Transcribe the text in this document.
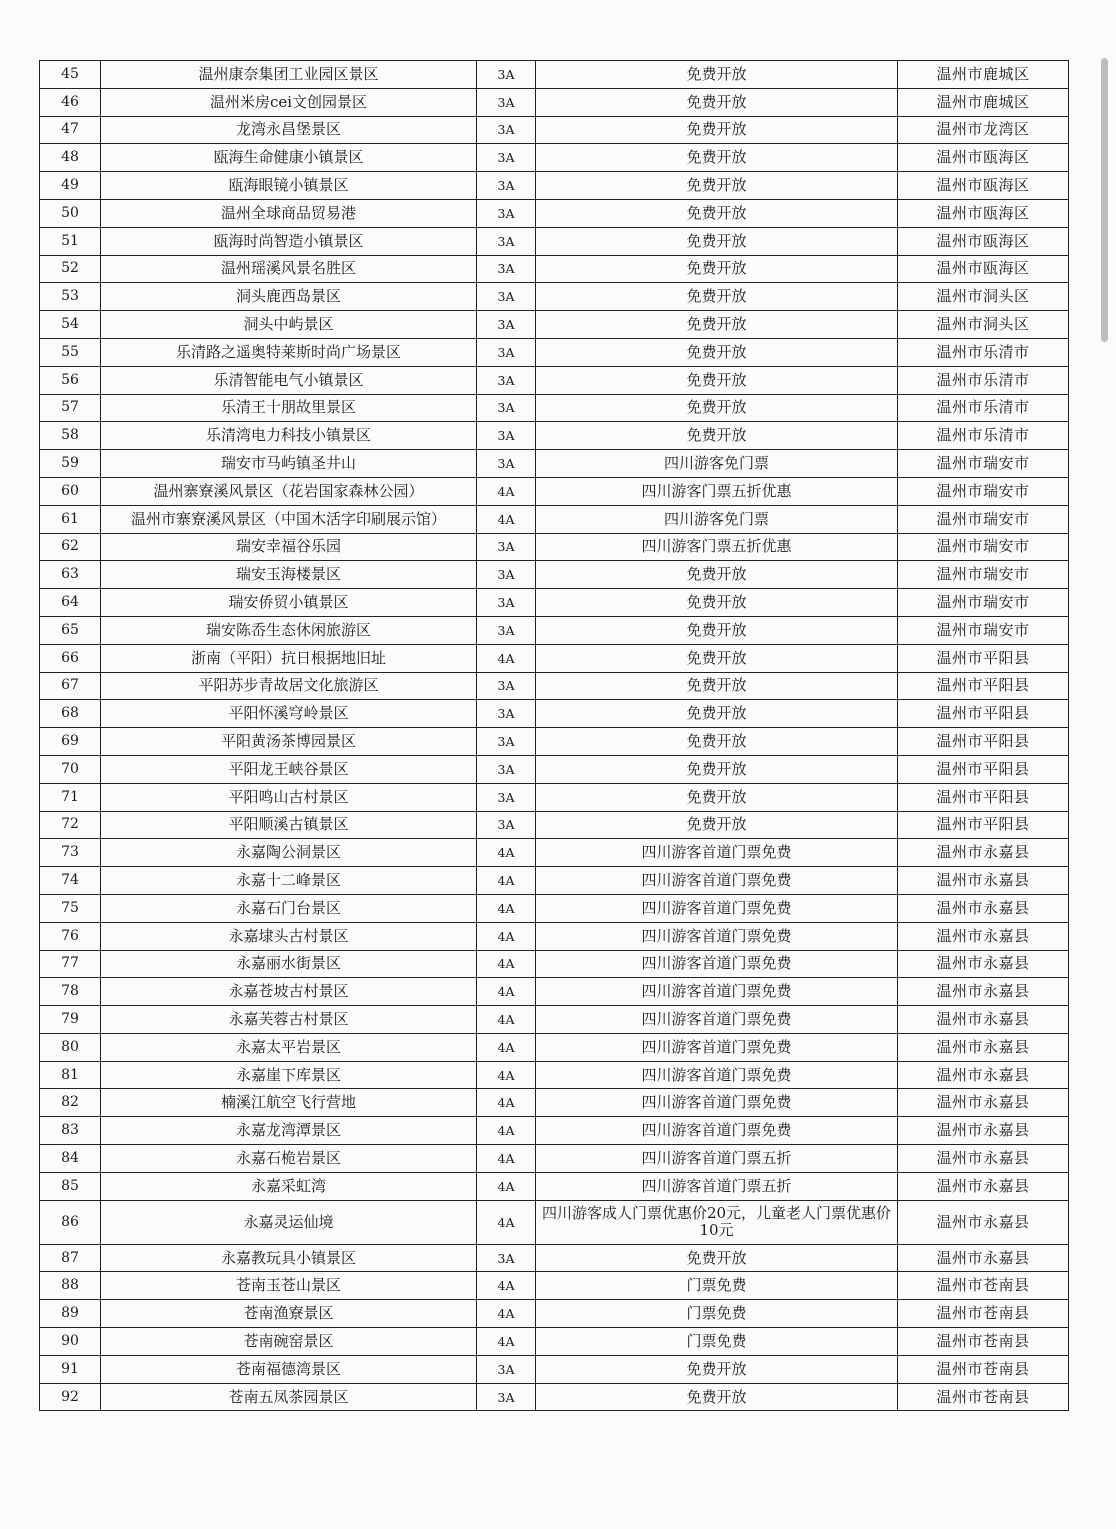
45	温州康奈集团工业园区景区	3A	免费开放	温州市鹿城区
46	温州米房cei文创园景区	3A	免费开放	温州市鹿城区
47	龙湾永昌堡景区	3A	免费开放	温州市龙湾区
48	瓯海生命健康小镇景区	3A	免费开放	温州市瓯海区
49	瓯海眼镜小镇景区	3A	免费开放	温州市瓯海区
50	温州全球商品贸易港	3A	免费开放	温州市瓯海区
51	瓯海时尚智造小镇景区	3A	免费开放	温州市瓯海区
52	温州瑶溪风景名胜区	3A	免费开放	温州市瓯海区
53	洞头鹿西岛景区	3A	免费开放	温州市洞头区
54	洞头中屿景区	3A	免费开放	温州市洞头区
55	乐清路之遥奥特莱斯时尚广场景区	3A	免费开放	温州市乐清市
56	乐清智能电气小镇景区	3A	免费开放	温州市乐清市
57	乐清王十朋故里景区	3A	免费开放	温州市乐清市
58	乐清湾电力科技小镇景区	3A	免费开放	温州市乐清市
59	瑞安市马屿镇圣井山	3A	四川游客免门票	温州市瑞安市
60	温州寨寮溪风景区（花岩国家森林公园）	4A	四川游客门票五折优惠	温州市瑞安市
61	温州市寨寮溪风景区（中国木活字印刷展示馆）	4A	四川游客免门票	温州市瑞安市
62	瑞安幸福谷乐园	3A	四川游客门票五折优惠	温州市瑞安市
63	瑞安玉海楼景区	3A	免费开放	温州市瑞安市
64	瑞安侨贸小镇景区	3A	免费开放	温州市瑞安市
65	瑞安陈岙生态休闲旅游区	3A	免费开放	温州市瑞安市
66	浙南（平阳）抗日根据地旧址	4A	免费开放	温州市平阳县
67	平阳苏步青故居文化旅游区	3A	免费开放	温州市平阳县
68	平阳怀溪穹岭景区	3A	免费开放	温州市平阳县
69	平阳黄汤茶博园景区	3A	免费开放	温州市平阳县
70	平阳龙王峡谷景区	3A	免费开放	温州市平阳县
71	平阳鸣山古村景区	3A	免费开放	温州市平阳县
72	平阳顺溪古镇景区	3A	免费开放	温州市平阳县
73	永嘉陶公洞景区	4A	四川游客首道门票免费	温州市永嘉县
74	永嘉十二峰景区	4A	四川游客首道门票免费	温州市永嘉县
75	永嘉石门台景区	4A	四川游客首道门票免费	温州市永嘉县
76	永嘉埭头古村景区	4A	四川游客首道门票免费	温州市永嘉县
77	永嘉丽水街景区	4A	四川游客首道门票免费	温州市永嘉县
78	永嘉苍坡古村景区	4A	四川游客首道门票免费	温州市永嘉县
79	永嘉芙蓉古村景区	4A	四川游客首道门票免费	温州市永嘉县
80	永嘉太平岩景区	4A	四川游客首道门票免费	温州市永嘉县
81	永嘉崖下库景区	4A	四川游客首道门票免费	温州市永嘉县
82	楠溪江航空飞行营地	4A	四川游客首道门票免费	温州市永嘉县
83	永嘉龙湾潭景区	4A	四川游客首道门票免费	温州市永嘉县
84	永嘉石桅岩景区	4A	四川游客首道门票五折	温州市永嘉县
85	永嘉采虹湾	4A	四川游客首道门票五折	温州市永嘉县
86	永嘉灵运仙境	4A	四川游客成人门票优惠价20元，儿童老人门票优惠价10元	温州市永嘉县
87	永嘉教玩具小镇景区	3A	免费开放	温州市永嘉县
88	苍南玉苍山景区	4A	门票免费	温州市苍南县
89	苍南渔寮景区	4A	门票免费	温州市苍南县
90	苍南碗窑景区	4A	门票免费	温州市苍南县
91	苍南福德湾景区	3A	免费开放	温州市苍南县
92	苍南五凤茶园景区	3A	免费开放	温州市苍南县
